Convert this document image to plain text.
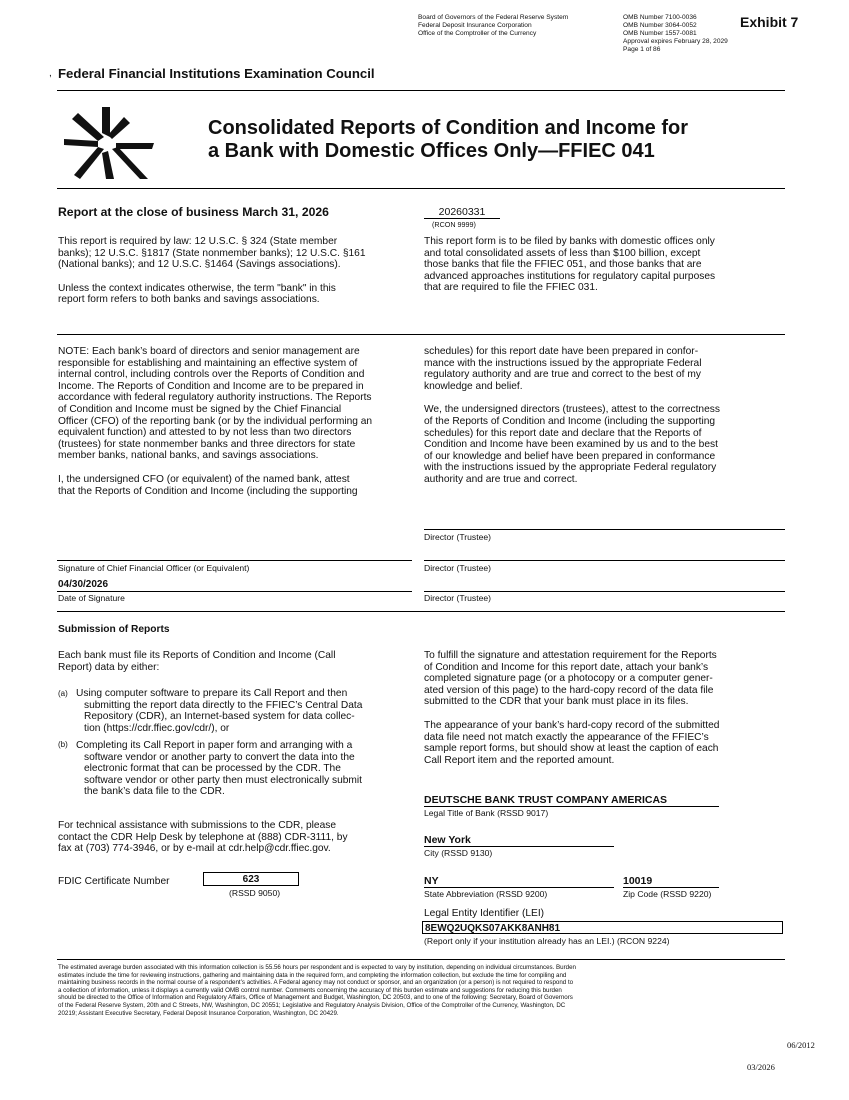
Board of Governors of the Federal Reserve System
Federal Deposit Insurance Corporation
Office of the Comptroller of the Currency
OMB Number 7100-0036
OMB Number 3064-0052
OMB Number 1557-0081
Approval expires February 28, 2029
Page 1 of 86
Exhibit 7
, Federal Financial Institutions Examination Council
Consolidated Reports of Condition and Income for
a Bank with Domestic Offices Only—FFIEC 041
Report at the close of business March 31, 2026	20260331
(RCON 9999)
This report is required by law: 12 U.S.C. § 324 (State member
banks); 12 U.S.C. §1817 (State nonmember banks); 12 U.S.C. §161
(National banks); and 12 U.S.C. §1464 (Savings associations).
Unless the context indicates otherwise, the term "bank" in this
report form refers to both banks and savings associations.
This report form is to be filed by banks with domestic offices only
and total consolidated assets of less than $100 billion, except
those banks that file the FFIEC 051, and those banks that are
advanced approaches institutions for regulatory capital purposes
that are required to file the FFIEC 031.
NOTE: Each bank’s board of directors and senior management are
responsible for establishing and maintaining an effective system of
internal control, including controls over the Reports of Condition and
Income. The Reports of Condition and Income are to be prepared in
accordance with federal regulatory authority instructions. The Reports
of Condition and Income must be signed by the Chief Financial
Officer (CFO) of the reporting bank (or by the individual performing an
equivalent function) and attested to by not less than two directors
(trustees) for state nonmember banks and three directors for state
member banks, national banks, and savings associations.
I, the undersigned CFO (or equivalent) of the named bank, attest
that the Reports of Condition and Income (including the supporting
schedules) for this report date have been prepared in confor-
mance with the instructions issued by the appropriate Federal
regulatory authority and are true and correct to the best of my
knowledge and belief.
We, the undersigned directors (trustees), attest to the correctness
of the Reports of Condition and Income (including the supporting
schedules) for this report date and declare that the Reports of
Condition and Income have been examined by us and to the best
of our knowledge and belief have been prepared in conformance
with the instructions issued by the appropriate Federal regulatory
authority and are true and correct.
Director (Trustee)
Signature of Chief Financial Officer (or Equivalent)	Director (Trustee)
04/30/2026
Date of Signature	Director (Trustee)
Submission of Reports
Each bank must file its Reports of Condition and Income (Call
Report) data by either:
(a) Using computer software to prepare its Call Report and then
submitting the report data directly to the FFIEC’s Central Data
Repository (CDR), an Internet-based system for data collec-
tion (https://cdr.ffiec.gov/cdr/), or
(b) Completing its Call Report in paper form and arranging with a
software vendor or another party to convert the data into the
electronic format that can be processed by the CDR. The
software vendor or other party then must electronically submit
the bank’s data file to the CDR.
For technical assistance with submissions to the CDR, please
contact the CDR Help Desk by telephone at (888) CDR-3111, by
fax at (703) 774-3946, or by e-mail at cdr.help@cdr.ffiec.gov.
To fulfill the signature and attestation requirement for the Reports
of Condition and Income for this report date, attach your bank’s
completed signature page (or a photocopy or a computer gener-
ated version of this page) to the hard-copy record of the data file
submitted to the CDR that your bank must place in its files.
The appearance of your bank’s hard-copy record of the submitted
data file need not match exactly the appearance of the FFIEC’s
sample report forms, but should show at least the caption of each
Call Report item and the reported amount.
DEUTSCHE BANK TRUST COMPANY AMERICAS
Legal Title of Bank (RSSD 9017)
New York
City (RSSD 9130)
NY
State Abbreviation (RSSD 9200)
10019
Zip Code (RSSD 9220)
Legal Entity Identifier (LEI)
8EWQ2UQKS07AKK8ANH81
(Report only if your institution already has an LEI.) (RCON 9224)
FDIC Certificate Number	623
(RSSD 9050)
The estimated average burden associated with this information collection is 55.56 hours per respondent and is expected to vary by institution, depending on individual circumstances. Burden
estimates include the time for reviewing instructions, gathering and maintaining data in the required form, and completing the information collection, but exclude the time for compiling and
maintaining business records in the normal course of a respondent’s activities. A Federal agency may not conduct or sponsor, and an organization (or a person) is not required to respond to
a collection of information, unless it displays a currently valid OMB control number. Comments concerning the accuracy of this burden estimate and suggestions for reducing this burden
should be directed to the Office of Information and Regulatory Affairs, Office of Management and Budget, Washington, DC 20503, and to one of the following: Secretary, Board of Governors
of the Federal Reserve System, 20th and C Streets, NW, Washington, DC 20551; Legislative and Regulatory Analysis Division, Office of the Comptroller of the Currency, Washington, DC
20219; Assistant Executive Secretary, Federal Deposit Insurance Corporation, Washington, DC 20429.
06/2012
03/2026
